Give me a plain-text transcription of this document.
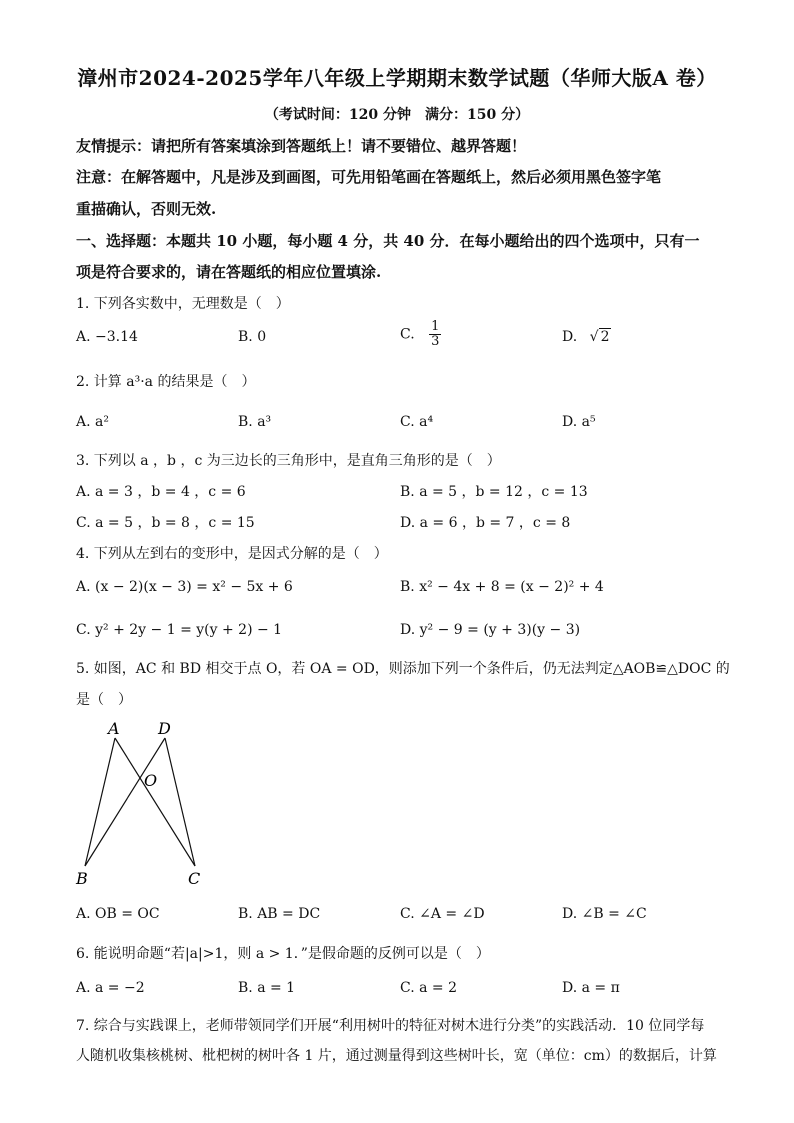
漳州市2024-2025学年八年级上学期期末数学试题（华师大版A 卷）
（考试时间：120 分钟　满分：150 分）
友情提示：请把所有答案填涂到答题纸上！请不要错位、越界答题！
注意：在解答题中，凡是涉及到画图，可先用铅笔画在答题纸上，然后必须用黑色签字笔
重描确认，否则无效.
一、选择题：本题共 10 小题，每小题 4 分，共 40 分．在每小题给出的四个选项中，只有一
项是符合要求的，请在答题纸的相应位置填涂.
1. 下列各实数中，无理数是（　）
A. −3.14	B. 0	C. $\frac{1}{3}$	D. √ 2
2. 计算 a³·a 的结果是（　）
A. a²	B. a³	C. a⁴	D. a⁵
3. 下列以 a ，b ，c 为三边长的三角形中，是直角三角形的是（　）
A. a = 3 ，b = 4 ，c = 6	B. a = 5 ，b = 12 ，c = 13
C. a = 5 ，b = 8 ，c = 15	D. a = 6 ，b = 7 ，c = 8
4. 下列从左到右的变形中，是因式分解的是（　）
A. (x − 2)(x − 3) = x² − 5x + 6	B. x² − 4x + 8 = (x − 2)² + 4
C. y² + 2y − 1 = y(y + 2) − 1	D. y² − 9 = (y + 3)(y − 3)
5. 如图，AC 和 BD 相交于点 O，若 OA = OD，则添加下列一个条件后，仍无法判定△AOB≌△DOC 的
是（　）
A D
O
B	C
A. OB = OC	B. AB = DC	C. ∠A = ∠D	D. ∠B = ∠C
6. 能说明命题“若|a|>1，则 a > 1．”是假命题的反例可以是（　）
A. a = −2	B. a = 1	C. a = 2	D. a = π
7. 综合与实践课上，老师带领同学们开展“利用树叶的特征对树木进行分类”的实践活动．10 位同学每
人随机收集核桃树、枇杷树的树叶各 1 片，通过测量得到这些树叶长，宽（单位：cm）的数据后，计算
